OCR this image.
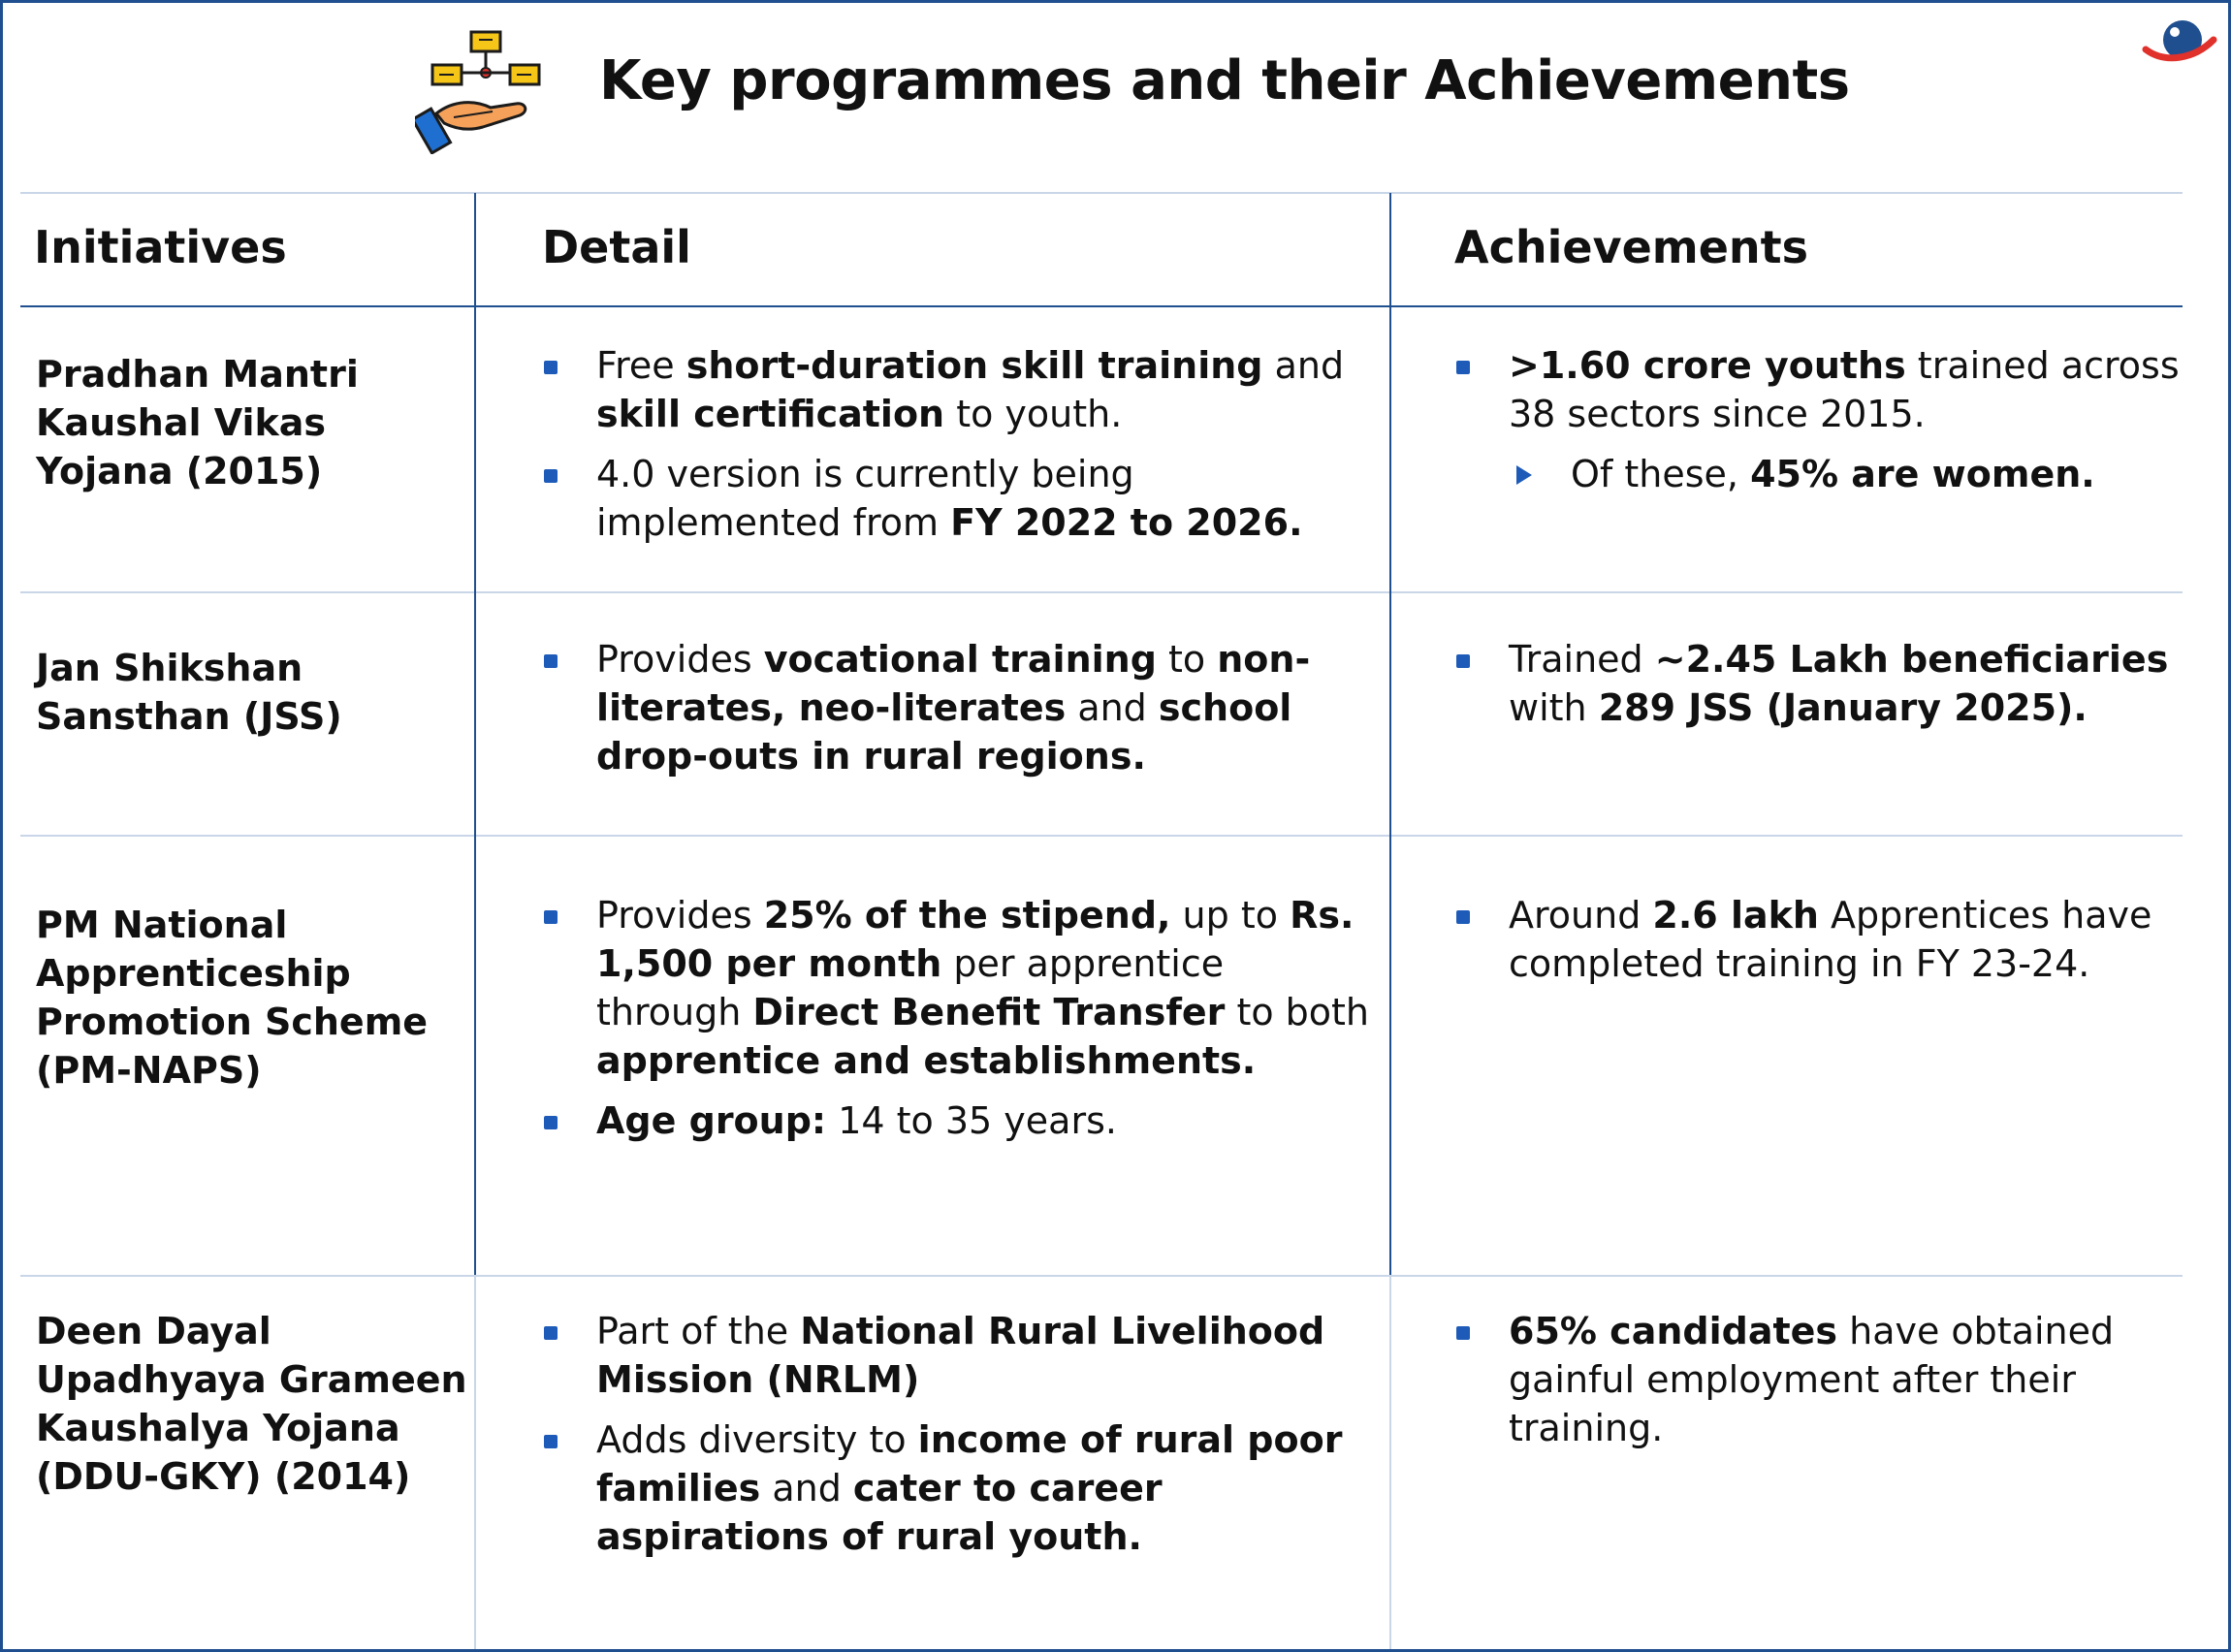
Key programmes and their Achievements
Initiatives	Detail	Achievements
Pradhan Mantri Kaushal Vikas Yojana (2015)
Free short-duration skill training and skill certification to youth.
4.0 version is currently being implemented from FY 2022 to 2026.
>1.60 crore youths trained across 38 sectors since 2015.
Of these, 45% are women.
Jan Shikshan Sansthan (JSS)
Provides vocational training to non-literates, neo-literates and school drop-outs in rural regions.
Trained ~2.45 Lakh beneficiaries with 289 JSS (January 2025).
PM National Apprenticeship Promotion Scheme (PM-NAPS)
Provides 25% of the stipend, up to Rs. 1,500 per month per apprentice through Direct Benefit Transfer to both apprentice and establishments.
Age group: 14 to 35 years.
Around 2.6 lakh Apprentices have completed training in FY 23-24.
Deen Dayal Upadhyaya Grameen Kaushalya Yojana (DDU-GKY) (2014)
Part of the National Rural Livelihood Mission (NRLM)
Adds diversity to income of rural poor families and cater to career aspirations of rural youth.
65% candidates have obtained gainful employment after their training.
